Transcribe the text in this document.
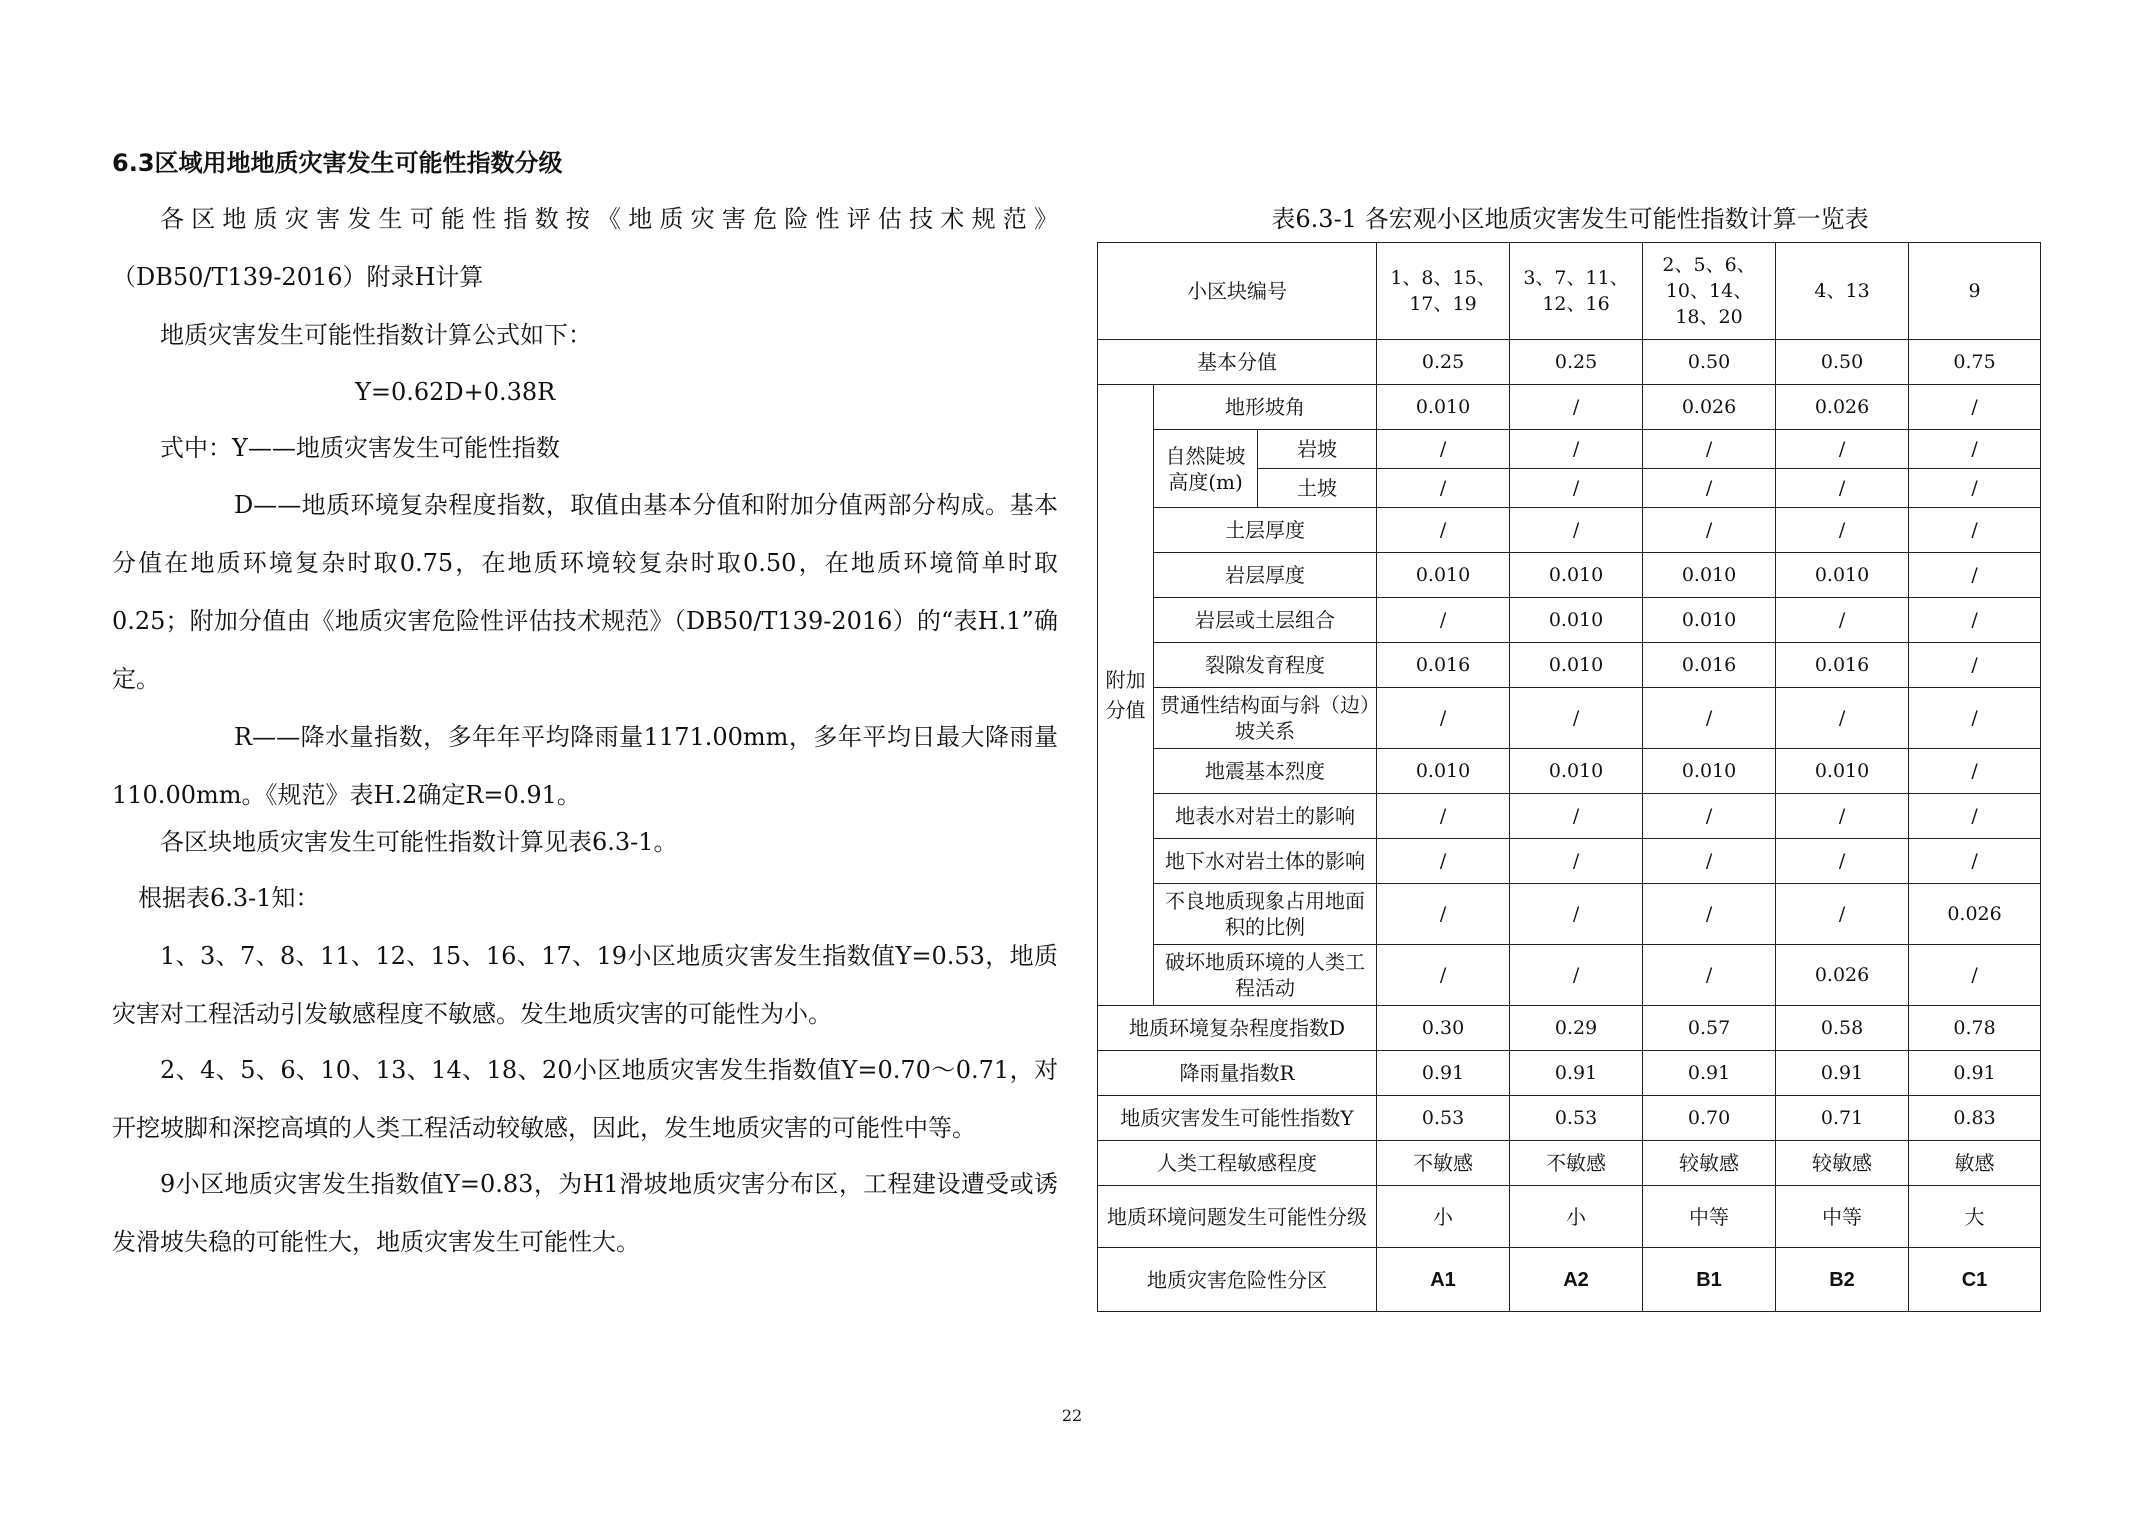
6.3区域用地地质灾害发生可能性指数分级
各区地质灾害发生可能性指数按《地质灾害危险性评估技术规范》
（DB50/T139-2016）附录H计算
地质灾害发生可能性指数计算公式如下：
Y=0.62D+0.38R
式中：Y——地质灾害发生可能性指数
D——地质环境复杂程度指数，取值由基本分值和附加分值两部分构成。基本分值在地质环境复杂时取0.75，在地质环境较复杂时取0.50，在地质环境简单时取0.25；附加分值由《地质灾害危险性评估技术规范》（DB50/T139-2016）的“表H.1”确定。
R——降水量指数，多年年平均降雨量1171.00mm，多年平均日最大降雨量110.00mm。《规范》表H.2确定R=0.91。
各区块地质灾害发生可能性指数计算见表6.3-1。
根据表6.3-1知：
1、3、7、8、11、12、15、16、17、19小区地质灾害发生指数值Y=0.53，地质灾害对工程活动引发敏感程度不敏感。发生地质灾害的可能性为小。
2、4、5、6、10、13、14、18、20小区地质灾害发生指数值Y=0.70～0.71，对开挖坡脚和深挖高填的人类工程活动较敏感，因此，发生地质灾害的可能性中等。
9小区地质灾害发生指数值Y=0.83，为H1滑坡地质灾害分布区，工程建设遭受或诱发滑坡失稳的可能性大，地质灾害发生可能性大。
表6.3-1 各宏观小区地质灾害发生可能性指数计算一览表
小区块编号			1、8、15、17、19	3、7、11、12、16	2、5、6、10、14、18、20	4、13	9
基本分值			0.25	0.25	0.50	0.50	0.75
附加分值	地形坡角		0.010	/	0.026	0.026	/
	自然陡坡高度(m)	岩坡	/	/	/	/	/
		土坡	/	/	/	/	/
	土层厚度		/	/	/	/	/
	岩层厚度		0.010	0.010	0.010	0.010	/
	岩层或土层组合		/	0.010	0.010	/	/
	裂隙发育程度		0.016	0.010	0.016	0.016	/
	贯通性结构面与斜（边）坡关系		/	/	/	/	/
	地震基本烈度		0.010	0.010	0.010	0.010	/
	地表水对岩土的影响		/	/	/	/	/
	地下水对岩土体的影响		/	/	/	/	/
	不良地质现象占用地面积的比例		/	/	/	/	0.026
	破坏地质环境的人类工程活动		/	/	/	0.026	/
地质环境复杂程度指数D			0.30	0.29	0.57	0.58	0.78
降雨量指数R			0.91	0.91	0.91	0.91	0.91
地质灾害发生可能性指数Y			0.53	0.53	0.70	0.71	0.83
人类工程敏感程度			不敏感	不敏感	较敏感	较敏感	敏感
地质环境问题发生可能性分级			小	小	中等	中等	大
地质灾害危险性分区			A1	A2	B1	B2	C1
22
